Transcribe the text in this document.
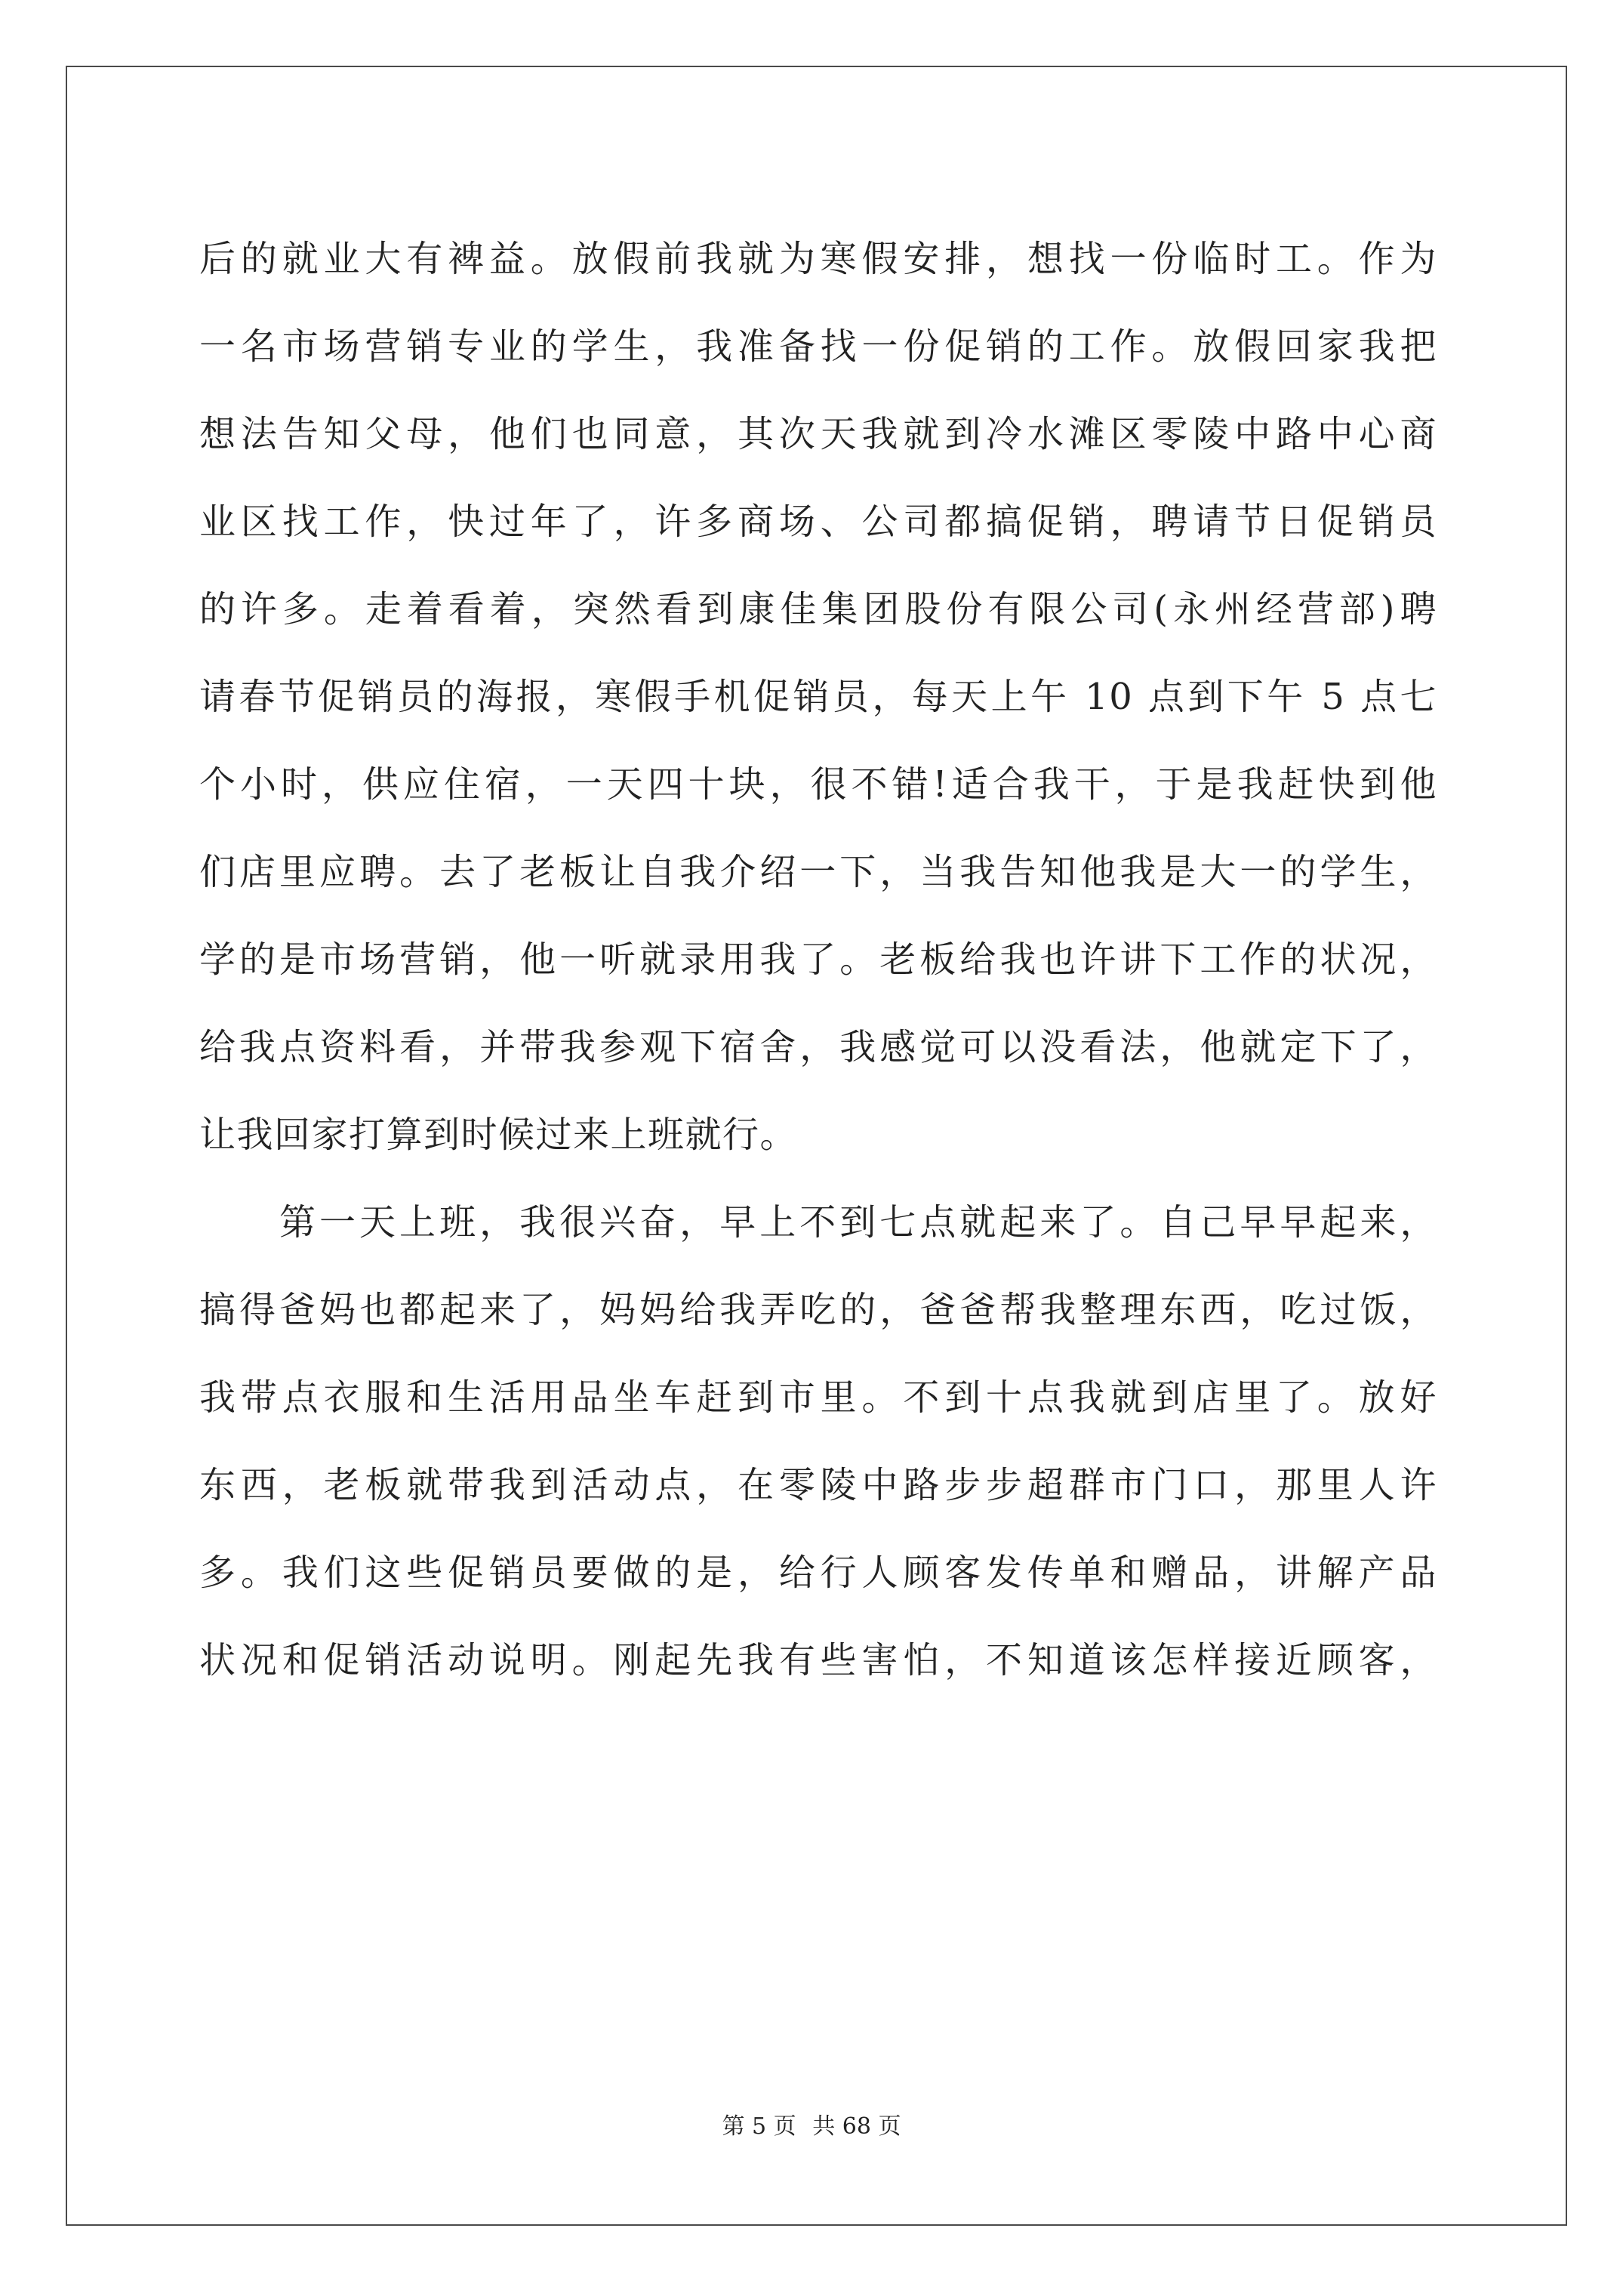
后的就业大有裨益。放假前我就为寒假安排，想找一份临时工。作为
一名市场营销专业的学生，我准备找一份促销的工作。放假回家我把
想法告知父母，他们也同意，其次天我就到冷水滩区零陵中路中心商
业区找工作，快过年了，许多商场、公司都搞促销，聘请节日促销员
的许多。走着看着，突然看到康佳集团股份有限公司(永州经营部)聘
请春节促销员的海报，寒假手机促销员，每天上午 10 点到下午 5 点七
个小时，供应住宿，一天四十块，很不错!适合我干，于是我赶快到他
们店里应聘。去了老板让自我介绍一下，当我告知他我是大一的学生，
学的是市场营销，他一听就录用我了。老板给我也许讲下工作的状况，
给我点资料看，并带我参观下宿舍，我感觉可以没看法，他就定下了，
让我回家打算到时候过来上班就行。
第一天上班，我很兴奋，早上不到七点就起来了。自己早早起来，
搞得爸妈也都起来了，妈妈给我弄吃的，爸爸帮我整理东西，吃过饭，
我带点衣服和生活用品坐车赶到市里。不到十点我就到店里了。放好
东西，老板就带我到活动点，在零陵中路步步超群市门口，那里人许
多。我们这些促销员要做的是，给行人顾客发传单和赠品，讲解产品
状况和促销活动说明。刚起先我有些害怕，不知道该怎样接近顾客，
第 5 页 共 68 页
